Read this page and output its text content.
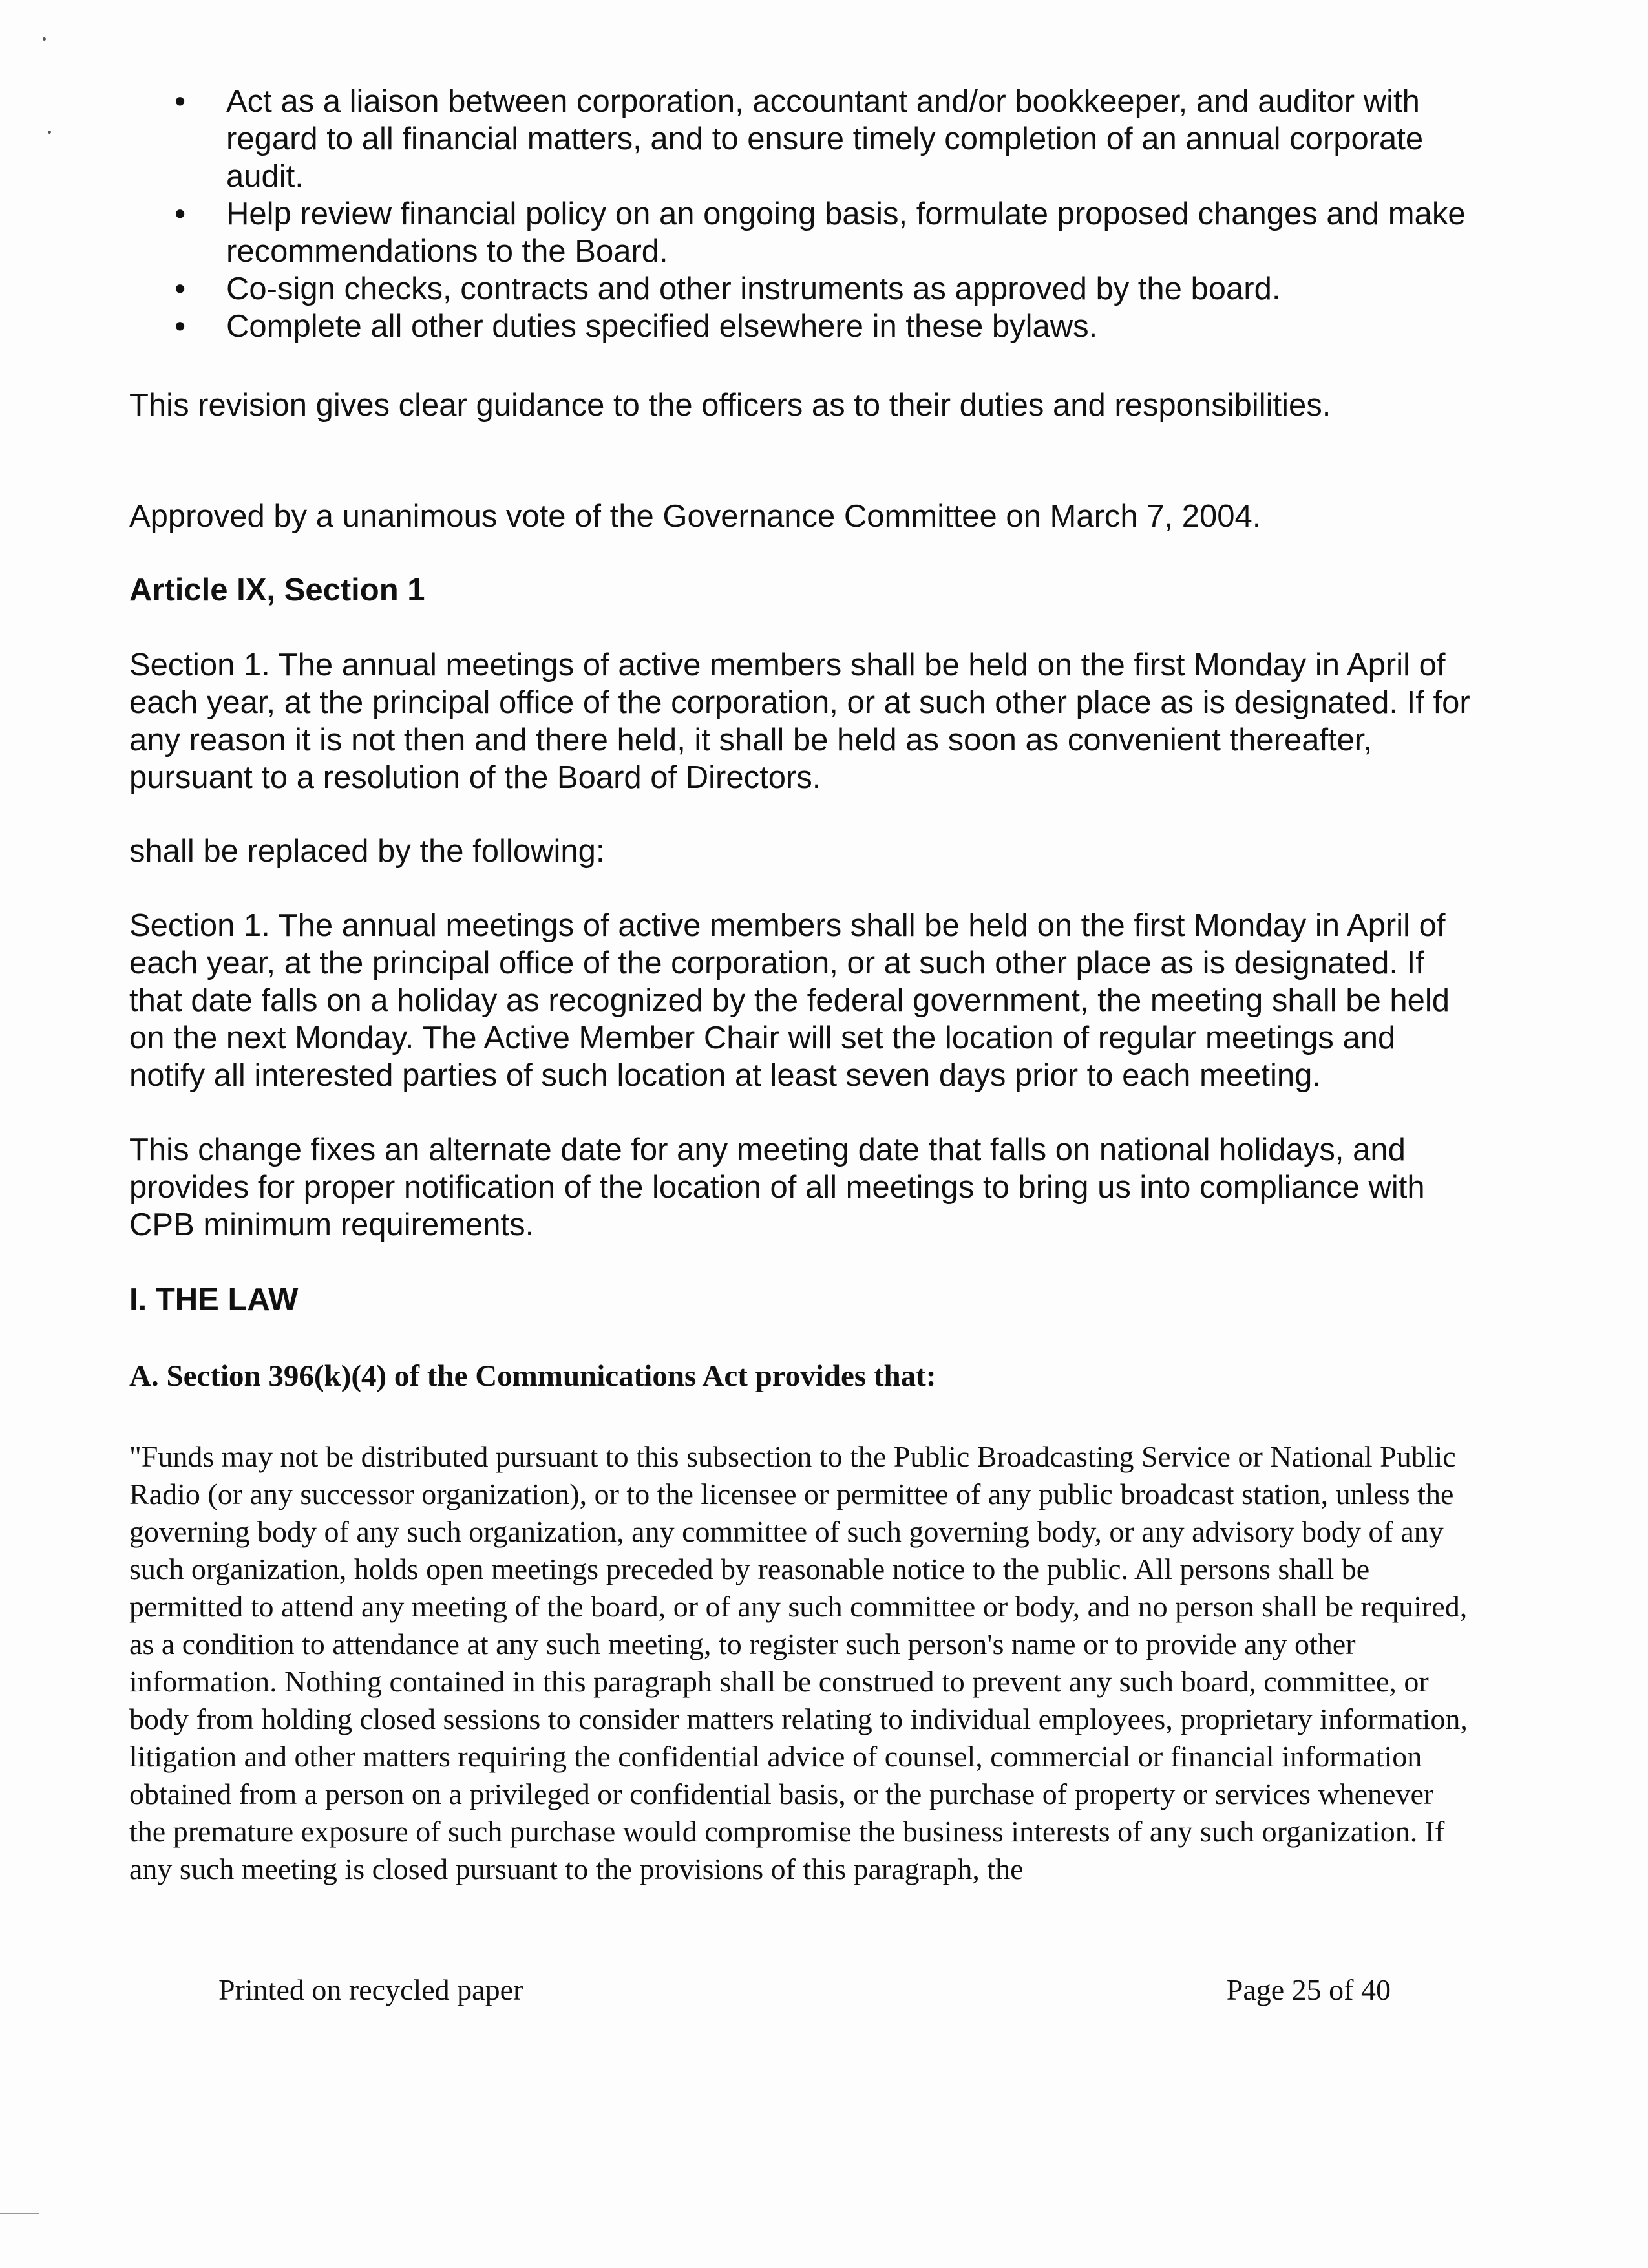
• Act as a liaison between corporation, accountant and/or bookkeeper, and auditor with regard to all financial matters, and to ensure timely completion of an annual corporate audit.
• Help review financial policy on an ongoing basis, formulate proposed changes and make recommendations to the Board.
• Co-sign checks, contracts and other instruments as approved by the board.
• Complete all other duties specified elsewhere in these bylaws.

This revision gives clear guidance to the officers as to their duties and responsibilities.

Approved by a unanimous vote of the Governance Committee on March 7, 2004.

Article IX, Section 1

Section 1. The annual meetings of active members shall be held on the first Monday in April of each year, at the principal office of the corporation, or at such other place as is designated. If for any reason it is not then and there held, it shall be held as soon as convenient thereafter, pursuant to a resolution of the Board of Directors.

shall be replaced by the following:

Section 1. The annual meetings of active members shall be held on the first Monday in April of each year, at the principal office of the corporation, or at such other place as is designated. If that date falls on a holiday as recognized by the federal government, the meeting shall be held on the next Monday. The Active Member Chair will set the location of regular meetings and notify all interested parties of such location at least seven days prior to each meeting.

This change fixes an alternate date for any meeting date that falls on national holidays, and provides for proper notification of the location of all meetings to bring us into compliance with CPB minimum requirements.

I. THE LAW

A. Section 396(k)(4) of the Communications Act provides that:

"Funds may not be distributed pursuant to this subsection to the Public Broadcasting Service or National Public Radio (or any successor organization), or to the licensee or permittee of any public broadcast station, unless the governing body of any such organization, any committee of such governing body, or any advisory body of any such organization, holds open meetings preceded by reasonable notice to the public. All persons shall be permitted to attend any meeting of the board, or of any such committee or body, and no person shall be required, as a condition to attendance at any such meeting, to register such person's name or to provide any other information. Nothing contained in this paragraph shall be construed to prevent any such board, committee, or body from holding closed sessions to consider matters relating to individual employees, proprietary information, litigation and other matters requiring the confidential advice of counsel, commercial or financial information obtained from a person on a privileged or confidential basis, or the purchase of property or services whenever the premature exposure of such purchase would compromise the business interests of any such organization. If any such meeting is closed pursuant to the provisions of this paragraph, the

Printed on recycled paper	Page 25 of 40
